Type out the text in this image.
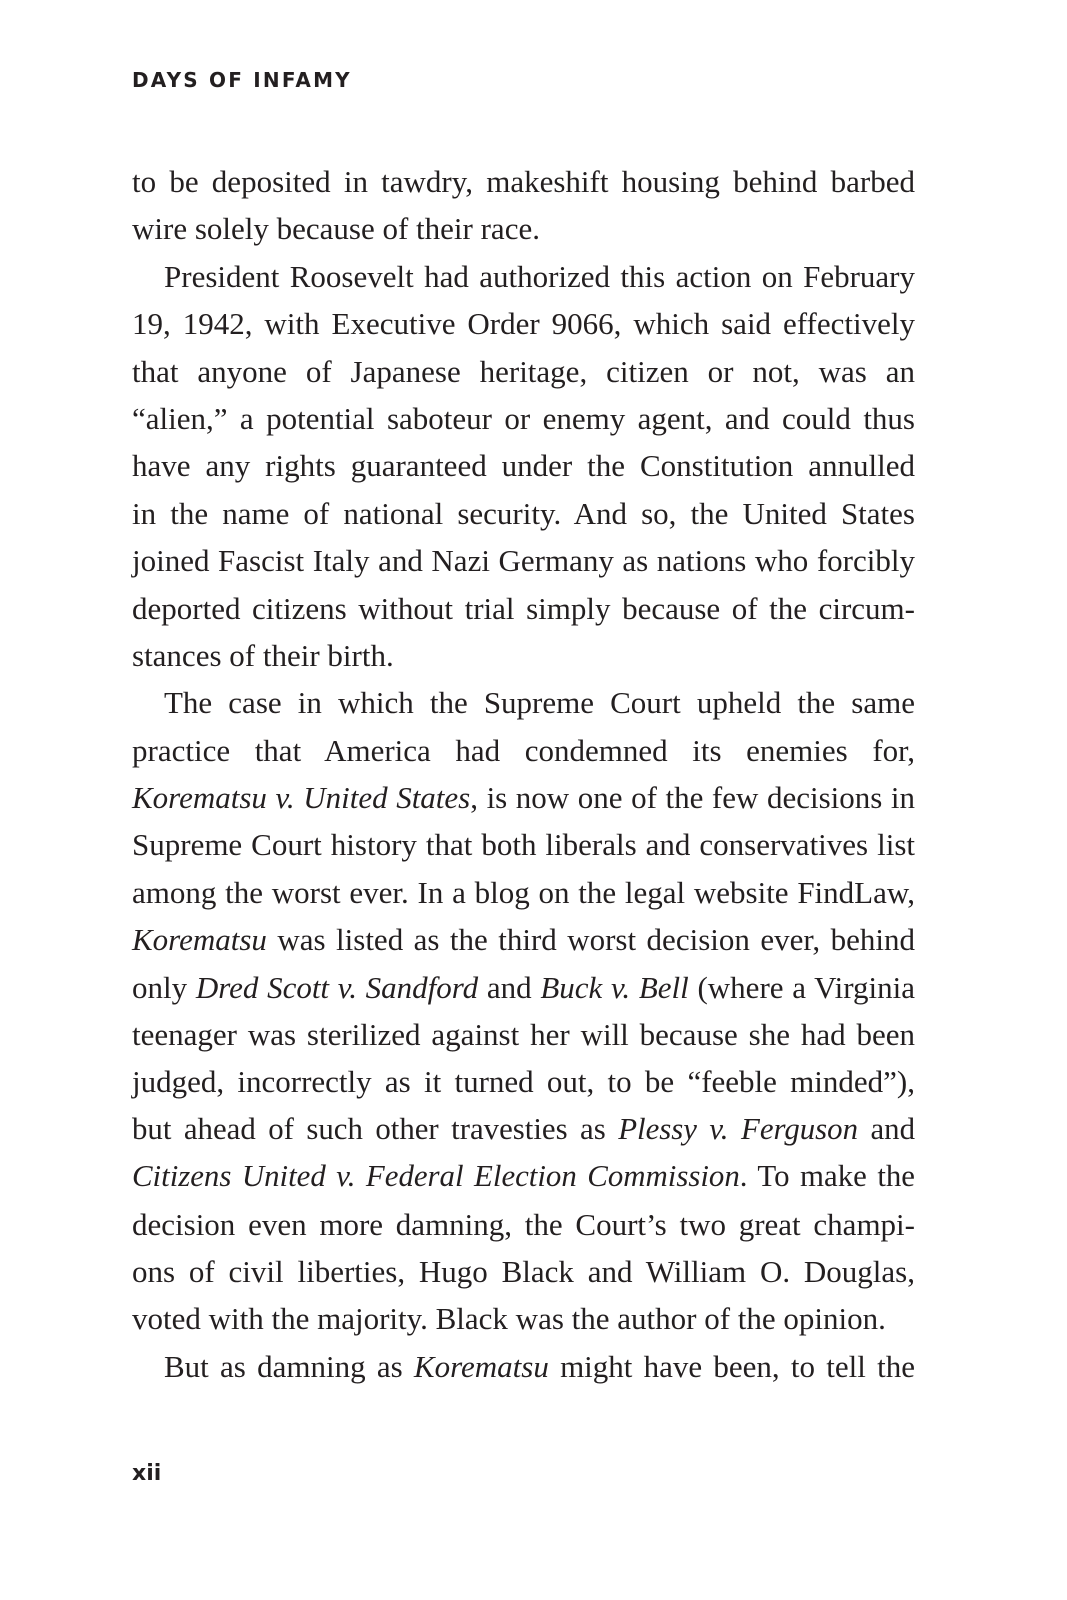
DAYS OF INFAMY
to be deposited in tawdry, makeshift housing behind barbed
wire solely because of their race.
President Roosevelt had authorized this action on February
19, 1942, with Executive Order 9066, which said effectively
that anyone of Japanese heritage, citizen or not, was an
“alien,” a potential saboteur or enemy agent, and could thus
have any rights guaranteed under the Constitution annulled
in the name of national security. And so, the United States
joined Fascist Italy and Nazi Germany as nations who forcibly
deported citizens without trial simply because of the circum-
stances of their birth.
The case in which the Supreme Court upheld the same
practice that America had condemned its enemies for,
Korematsu v. United States, is now one of the few decisions in
Supreme Court history that both liberals and conservatives list
among the worst ever. In a blog on the legal website FindLaw,
Korematsu was listed as the third worst decision ever, behind
only Dred Scott v. Sandford and Buck v. Bell (where a Virginia
teenager was sterilized against her will because she had been
judged, incorrectly as it turned out, to be “feeble minded”),
but ahead of such other travesties as Plessy v. Ferguson and
Citizens United v. Federal Election Commission. To make the
decision even more damning, the Court’s two great champi-
ons of civil liberties, Hugo Black and William O. Douglas,
voted with the majority. Black was the author of the opinion.
But as damning as Korematsu might have been, to tell the
xii
